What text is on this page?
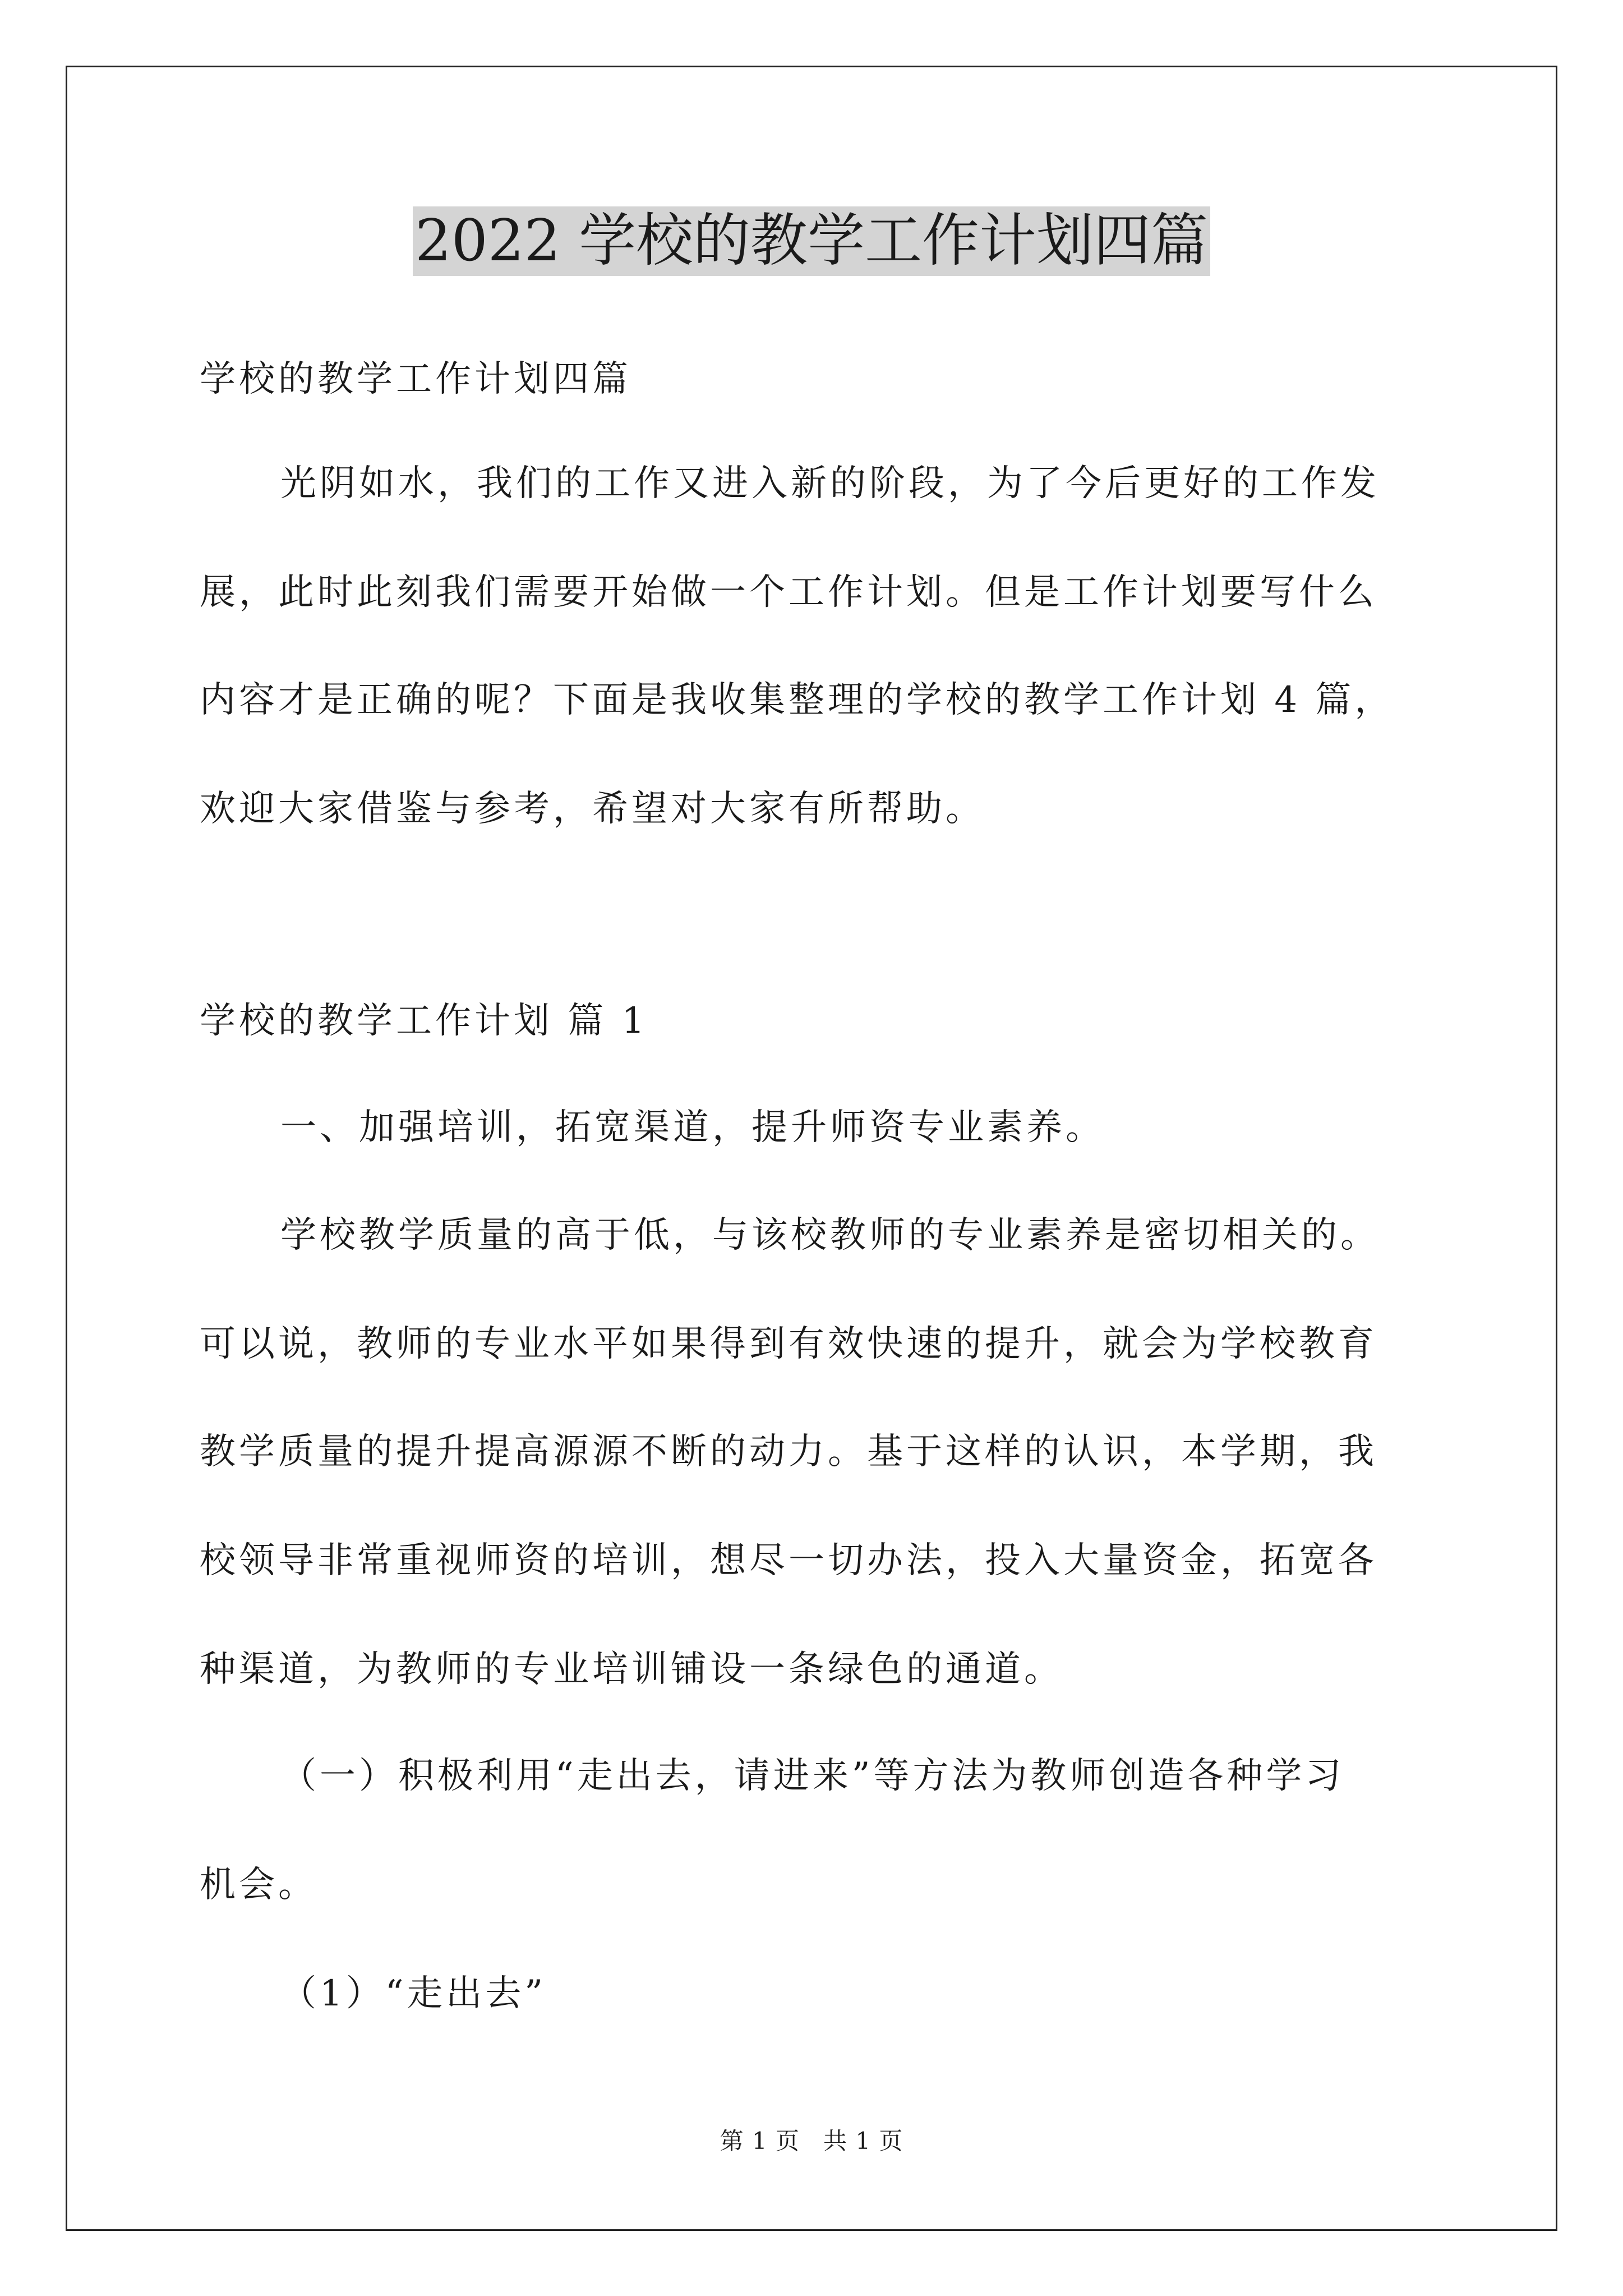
2022 学校的教学工作计划四篇
学校的教学工作计划四篇
光阴如水，我们的工作又进入新的阶段，为了今后更好的工作发
展，此时此刻我们需要开始做一个工作计划。但是工作计划要写什么
内容才是正确的呢？下面是我收集整理的学校的教学工作计划 4 篇，
欢迎大家借鉴与参考，希望对大家有所帮助。
学校的教学工作计划 篇 1
一、加强培训，拓宽渠道，提升师资专业素养。
学校教学质量的高于低，与该校教师的专业素养是密切相关的。
可以说，教师的专业水平如果得到有效快速的提升，就会为学校教育
教学质量的提升提高源源不断的动力。基于这样的认识，本学期，我
校领导非常重视师资的培训，想尽一切办法，投入大量资金，拓宽各
种渠道，为教师的专业培训铺设一条绿色的通道。
（一）积极利用“走出去，请进来”等方法为教师创造各种学习
机会。
（1）“走出去”
第 1 页 共 1 页
